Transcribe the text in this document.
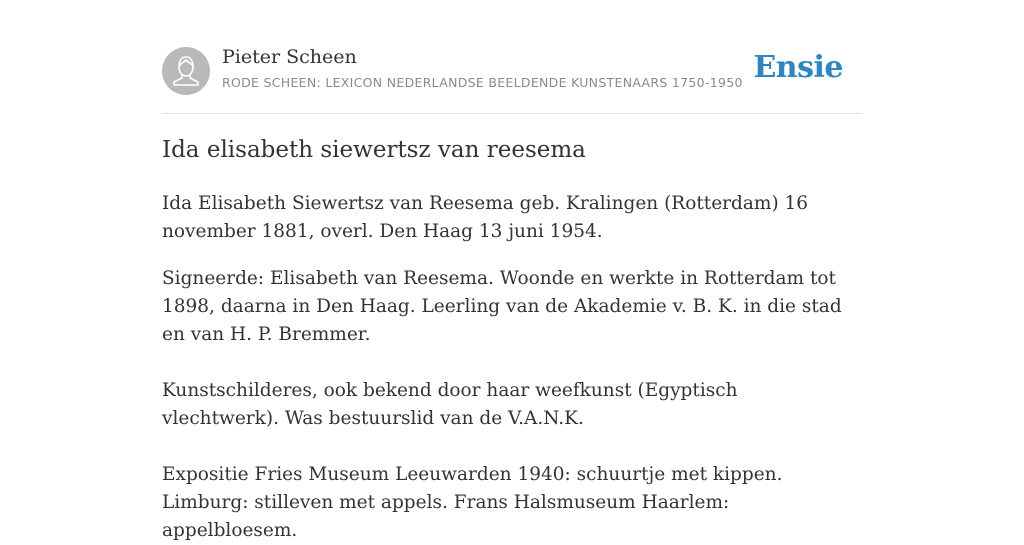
Pieter Scheen
RODE SCHEEN: LEXICON NEDERLANDSE BEELDENDE KUNSTENAARS 1750-1950 Ensie
Ida elisabeth siewertsz van reesema

Ida Elisabeth Siewertsz van Reesema geb. Kralingen (Rotterdam) 16 november 1881, overl. Den Haag 13 juni 1954.

Signeerde: Elisabeth van Reesema. Woonde en werkte in Rotterdam tot 1898, daarna in Den Haag. Leerling van de Akademie v. B. K. in die stad en van H. P. Bremmer.

Kunstschilderes, ook bekend door haar weefkunst (Egyptisch vlechtwerk). Was bestuurslid van de V.A.N.K.

Expositie Fries Museum Leeuwarden 1940: schuurtje met kippen. Limburg: stilleven met appels. Frans Halsmuseum Haarlem: appelbloesem.
